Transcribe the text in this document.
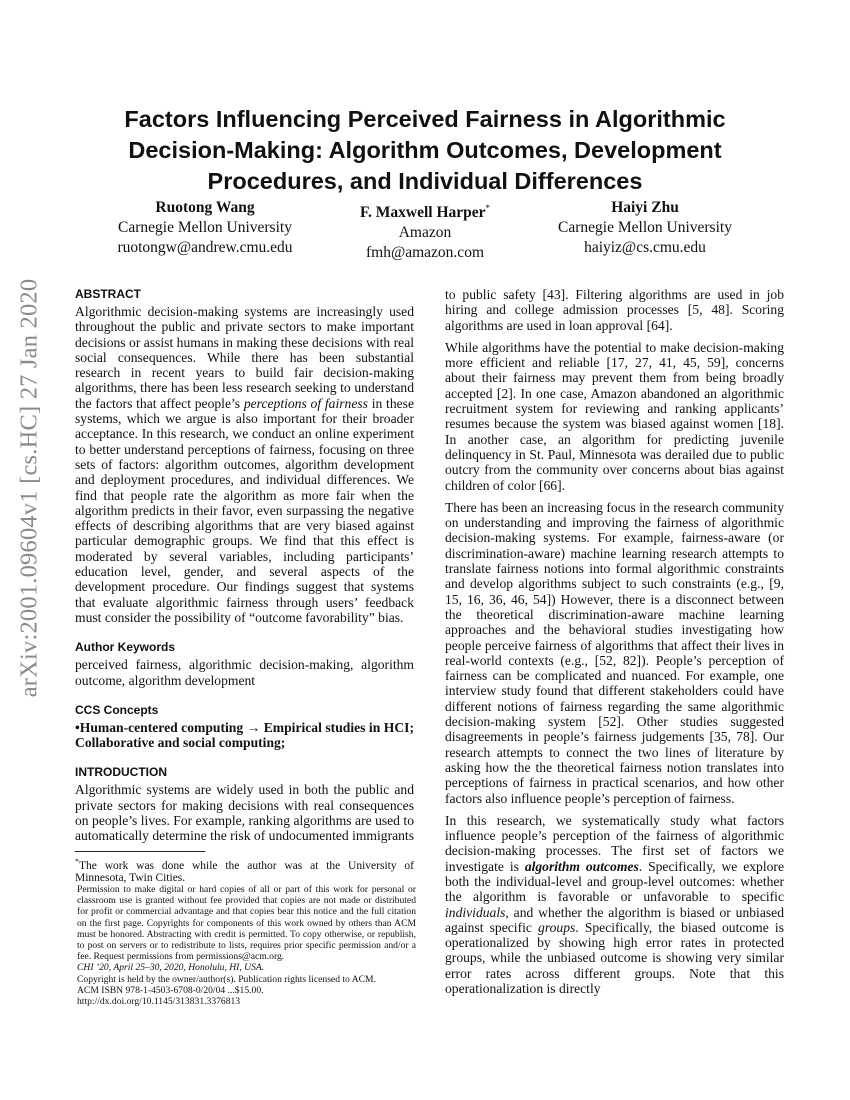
arXiv:2001.09604v1 [cs.HC] 27 Jan 2020
Factors Influencing Perceived Fairness in Algorithmic Decision-Making: Algorithm Outcomes, Development Procedures, and Individual Differences
Ruotong Wang
Carnegie Mellon University
ruotongw@andrew.cmu.edu
F. Maxwell Harper*
Amazon
fmh@amazon.com
Haiyi Zhu
Carnegie Mellon University
haiyiz@cs.cmu.edu
ABSTRACT

Algorithmic decision-making systems are increasingly used throughout the public and private sectors to make important decisions or assist humans in making these decisions with real social consequences. While there has been substantial research in recent years to build fair decision-making algorithms, there has been less research seeking to understand the factors that affect people’s perceptions of fairness in these systems, which we argue is also important for their broader acceptance. In this research, we conduct an online experiment to better understand perceptions of fairness, focusing on three sets of factors: algorithm outcomes, algorithm development and deployment procedures, and individual differences. We find that people rate the algorithm as more fair when the algorithm predicts in their favor, even surpassing the negative effects of describing algorithms that are very biased against particular demographic groups. We find that this effect is moderated by several variables, including participants’ education level, gender, and several aspects of the development procedure. Our findings suggest that systems that evaluate algorithmic fairness through users’ feedback must consider the possibility of “outcome favorability” bias.

Author Keywords

perceived fairness, algorithmic decision-making, algorithm outcome, algorithm development

CCS Concepts

•Human-centered computing → Empirical studies in HCI; Collaborative and social computing;

INTRODUCTION

Algorithmic systems are widely used in both the public and private sectors for making decisions with real consequences on people’s lives. For example, ranking algorithms are used to automatically determine the risk of undocumented immigrants

*The work was done while the author was at the University of Minnesota, Twin Cities.

Permission to make digital or hard copies of all or part of this work for personal or classroom use is granted without fee provided that copies are not made or distributed for profit or commercial advantage and that copies bear this notice and the full citation on the first page. Copyrights for components of this work owned by others than ACM must be honored. Abstracting with credit is permitted. To copy otherwise, or republish, to post on servers or to redistribute to lists, requires prior specific permission and/or a fee. Request permissions from permissions@acm.org.

CHI ’20, April 25–30, 2020, Honolulu, HI, USA.

Copyright is held by the owner/author(s). Publication rights licensed to ACM.

ACM ISBN 978-1-4503-6708-0/20/04 ...$15.00.

http://dx.doi.org/10.1145/313831.3376813

to public safety [43]. Filtering algorithms are used in job hiring and college admission processes [5, 48]. Scoring algorithms are used in loan approval [64].

While algorithms have the potential to make decision-making more efficient and reliable [17, 27, 41, 45, 59], concerns about their fairness may prevent them from being broadly accepted [2]. In one case, Amazon abandoned an algorithmic recruitment system for reviewing and ranking applicants’ resumes because the system was biased against women [18]. In another case, an algorithm for predicting juvenile delinquency in St. Paul, Minnesota was derailed due to public outcry from the community over concerns about bias against children of color [66].

There has been an increasing focus in the research community on understanding and improving the fairness of algorithmic decision-making systems. For example, fairness-aware (or discrimination-aware) machine learning research attempts to translate fairness notions into formal algorithmic constraints and develop algorithms subject to such constraints (e.g., [9, 15, 16, 36, 46, 54]) However, there is a disconnect between the theoretical discrimination-aware machine learning approaches and the behavioral studies investigating how people perceive fairness of algorithms that affect their lives in real-world contexts (e.g., [52, 82]). People’s perception of fairness can be complicated and nuanced. For example, one interview study found that different stakeholders could have different notions of fairness regarding the same algorithmic decision-making system [52]. Other studies suggested disagreements in people’s fairness judgements [35, 78]. Our research attempts to connect the two lines of literature by asking how the the theoretical fairness notion translates into perceptions of fairness in practical scenarios, and how other factors also influence people’s perception of fairness.

In this research, we systematically study what factors influence people’s perception of the fairness of algorithmic decision-making processes. The first set of factors we investigate is algorithm outcomes. Specifically, we explore both the individual-level and group-level outcomes: whether the algorithm is favorable or unfavorable to specific individuals, and whether the algorithm is biased or unbiased against specific groups. Specifically, the biased outcome is operationalized by showing high error rates in protected groups, while the unbiased outcome is showing very similar error rates across different groups. Note that this operationalization is directly
